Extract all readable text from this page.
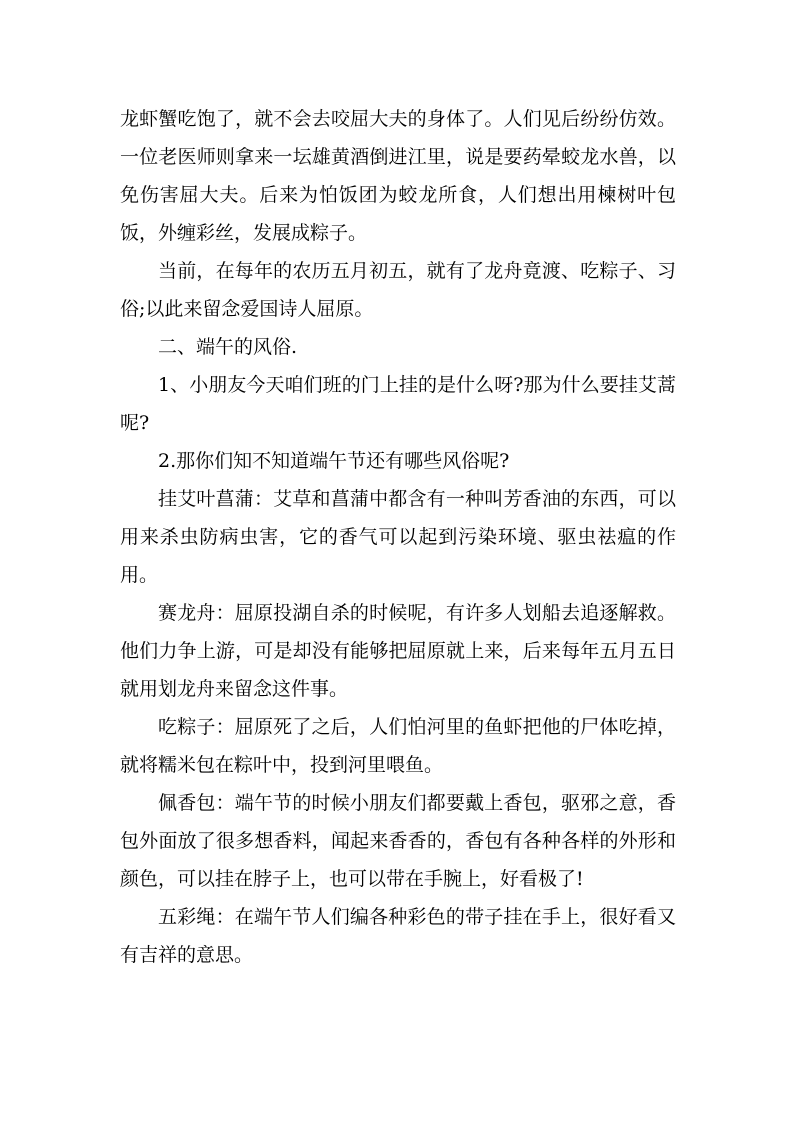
龙虾蟹吃饱了，就不会去咬屈大夫的身体了。人们见后纷纷仿效。一位老医师则拿来一坛雄黄酒倒进江里，说是要药晕蛟龙水兽，以免伤害屈大夫。后来为怕饭团为蛟龙所食，人们想出用楝树叶包饭，外缠彩丝，发展成粽子。

当前，在每年的农历五月初五，就有了龙舟竟渡、吃粽子、习俗;以此来留念爱国诗人屈原。

二、端午的风俗.

1、小朋友今天咱们班的门上挂的是什么呀?那为什么要挂艾蒿呢?

2.那你们知不知道端午节还有哪些风俗呢?

挂艾叶菖蒲：艾草和菖蒲中都含有一种叫芳香油的东西，可以用来杀虫防病虫害，它的香气可以起到污染环境、驱虫祛瘟的作用。

赛龙舟：屈原投湖自杀的时候呢，有许多人划船去追逐解救。他们力争上游，可是却没有能够把屈原就上来，后来每年五月五日就用划龙舟来留念这件事。

吃粽子：屈原死了之后，人们怕河里的鱼虾把他的尸体吃掉，就将糯米包在粽叶中，投到河里喂鱼。

佩香包：端午节的时候小朋友们都要戴上香包，驱邪之意，香包外面放了很多想香料，闻起来香香的，香包有各种各样的外形和颜色，可以挂在脖子上，也可以带在手腕上，好看极了!

五彩绳：在端午节人们编各种彩色的带子挂在手上，很好看又有吉祥的意思。
